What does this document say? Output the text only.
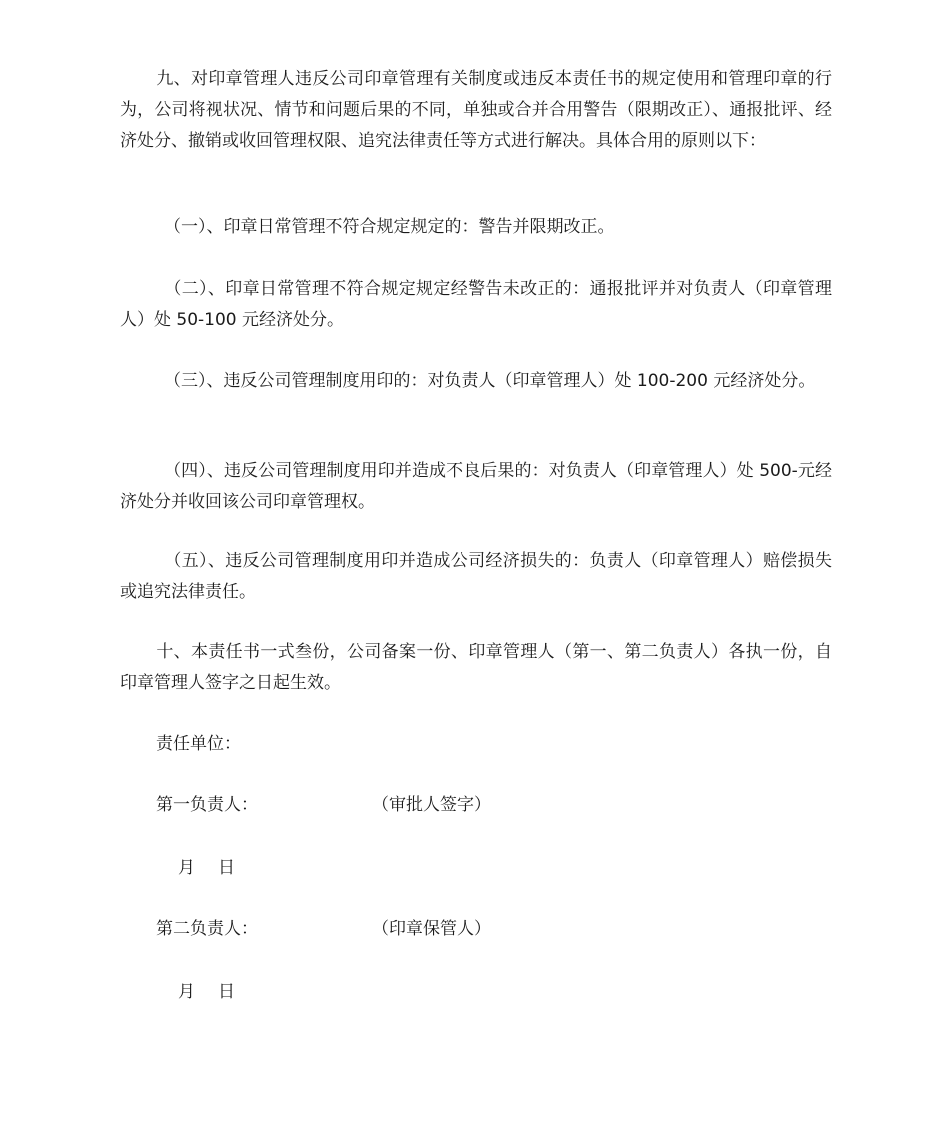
九、对印章管理人违反公司印章管理有关制度或违反本责任书的规定使用和管理印章的行为，公司将视状况、情节和问题后果的不同，单独或合并合用警告（限期改正）、通报批评、经济处分、撤销或收回管理权限、追究法律责任等方式进行解决。具体合用的原则以下：

（一）、印章日常管理不符合规定规定的：警告并限期改正。

（二）、印章日常管理不符合规定规定经警告未改正的：通报批评并对负责人（印章管理人）处 50-100 元经济处分。

（三）、违反公司管理制度用印的：对负责人（印章管理人）处 100-200 元经济处分。

（四）、违反公司管理制度用印并造成不良后果的：对负责人（印章管理人）处 500-元经济处分并收回该公司印章管理权。

（五）、违反公司管理制度用印并造成公司经济损失的：负责人（印章管理人）赔偿损失或追究法律责任。

十、本责任书一式叁份，公司备案一份、印章管理人（第一、第二负责人）各执一份，自印章管理人签字之日起生效。

责任单位：
第一负责人：	（审批人签字）
月 日
第二负责人：	（印章保管人）
月 日
